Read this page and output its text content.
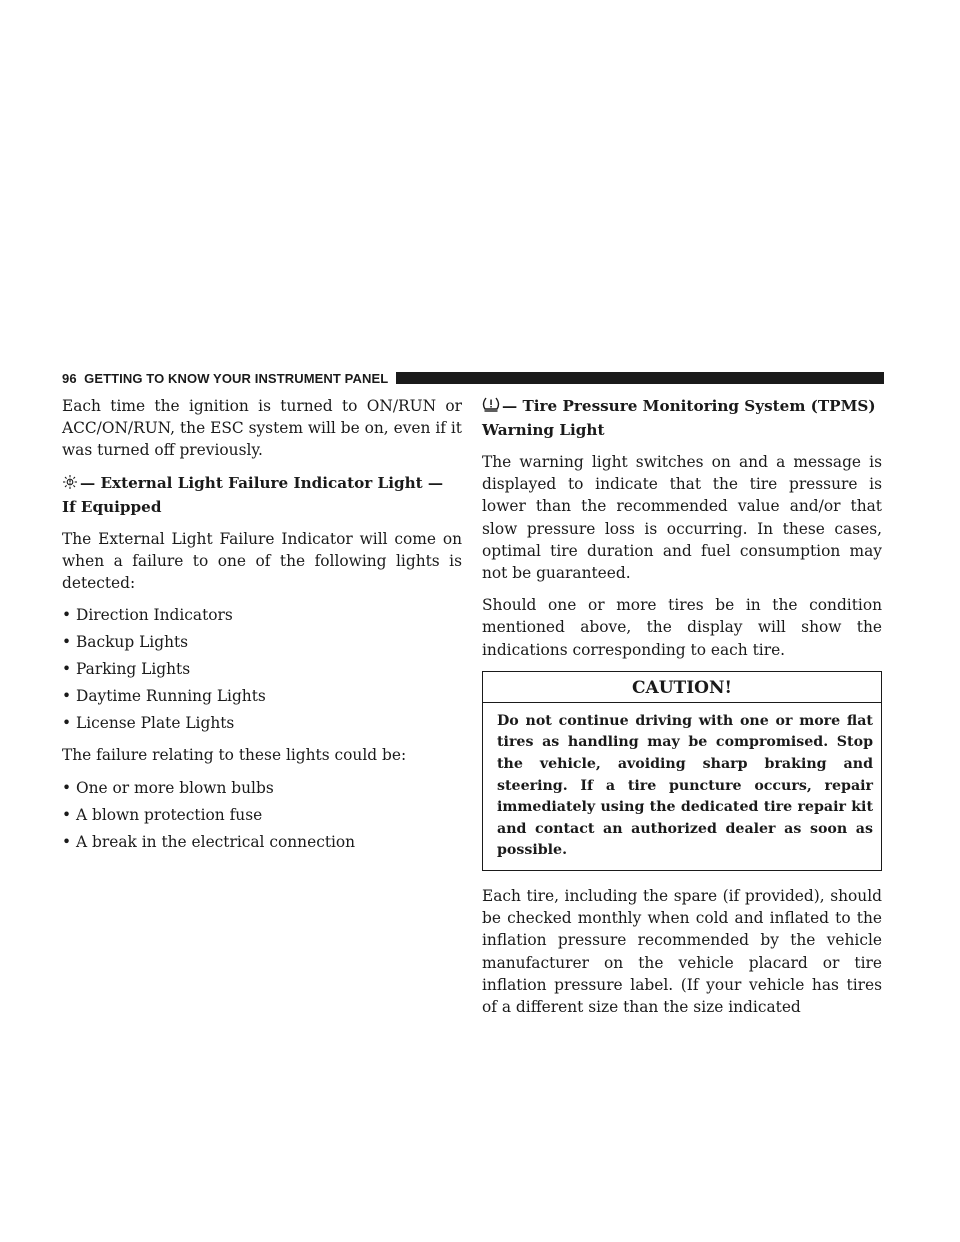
96 GETTING TO KNOW YOUR INSTRUMENT PANEL

Each time the ignition is turned to ON/RUN or ACC/ON/RUN, the ESC system will be on, even if it was turned off previously.

— External Light Failure Indicator Light — If Equipped

The External Light Failure Indicator will come on when a failure to one of the following lights is detected:

• Direction Indicators
• Backup Lights
• Parking Lights
• Daytime Running Lights
• License Plate Lights

The failure relating to these lights could be:

• One or more blown bulbs
• A blown protection fuse
• A break in the electrical connection
— Tire Pressure Monitoring System (TPMS) Warning Light

The warning light switches on and a message is displayed to indicate that the tire pressure is lower than the recommended value and/or that slow pressure loss is occurring. In these cases, optimal tire duration and fuel consumption may not be guaranteed.

Should one or more tires be in the condition mentioned above, the display will show the indications corresponding to each tire.

CAUTION!
Do not continue driving with one or more flat tires as handling may be compromised. Stop the vehicle, avoiding sharp braking and steering. If a tire puncture occurs, repair immediately using the dedicated tire repair kit and contact an authorized dealer as soon as possible.

Each tire, including the spare (if provided), should be checked monthly when cold and inflated to the inflation pressure recommended by the vehicle manufacturer on the vehicle placard or tire inflation pressure label. (If your vehicle has tires of a different size than the size indicated
